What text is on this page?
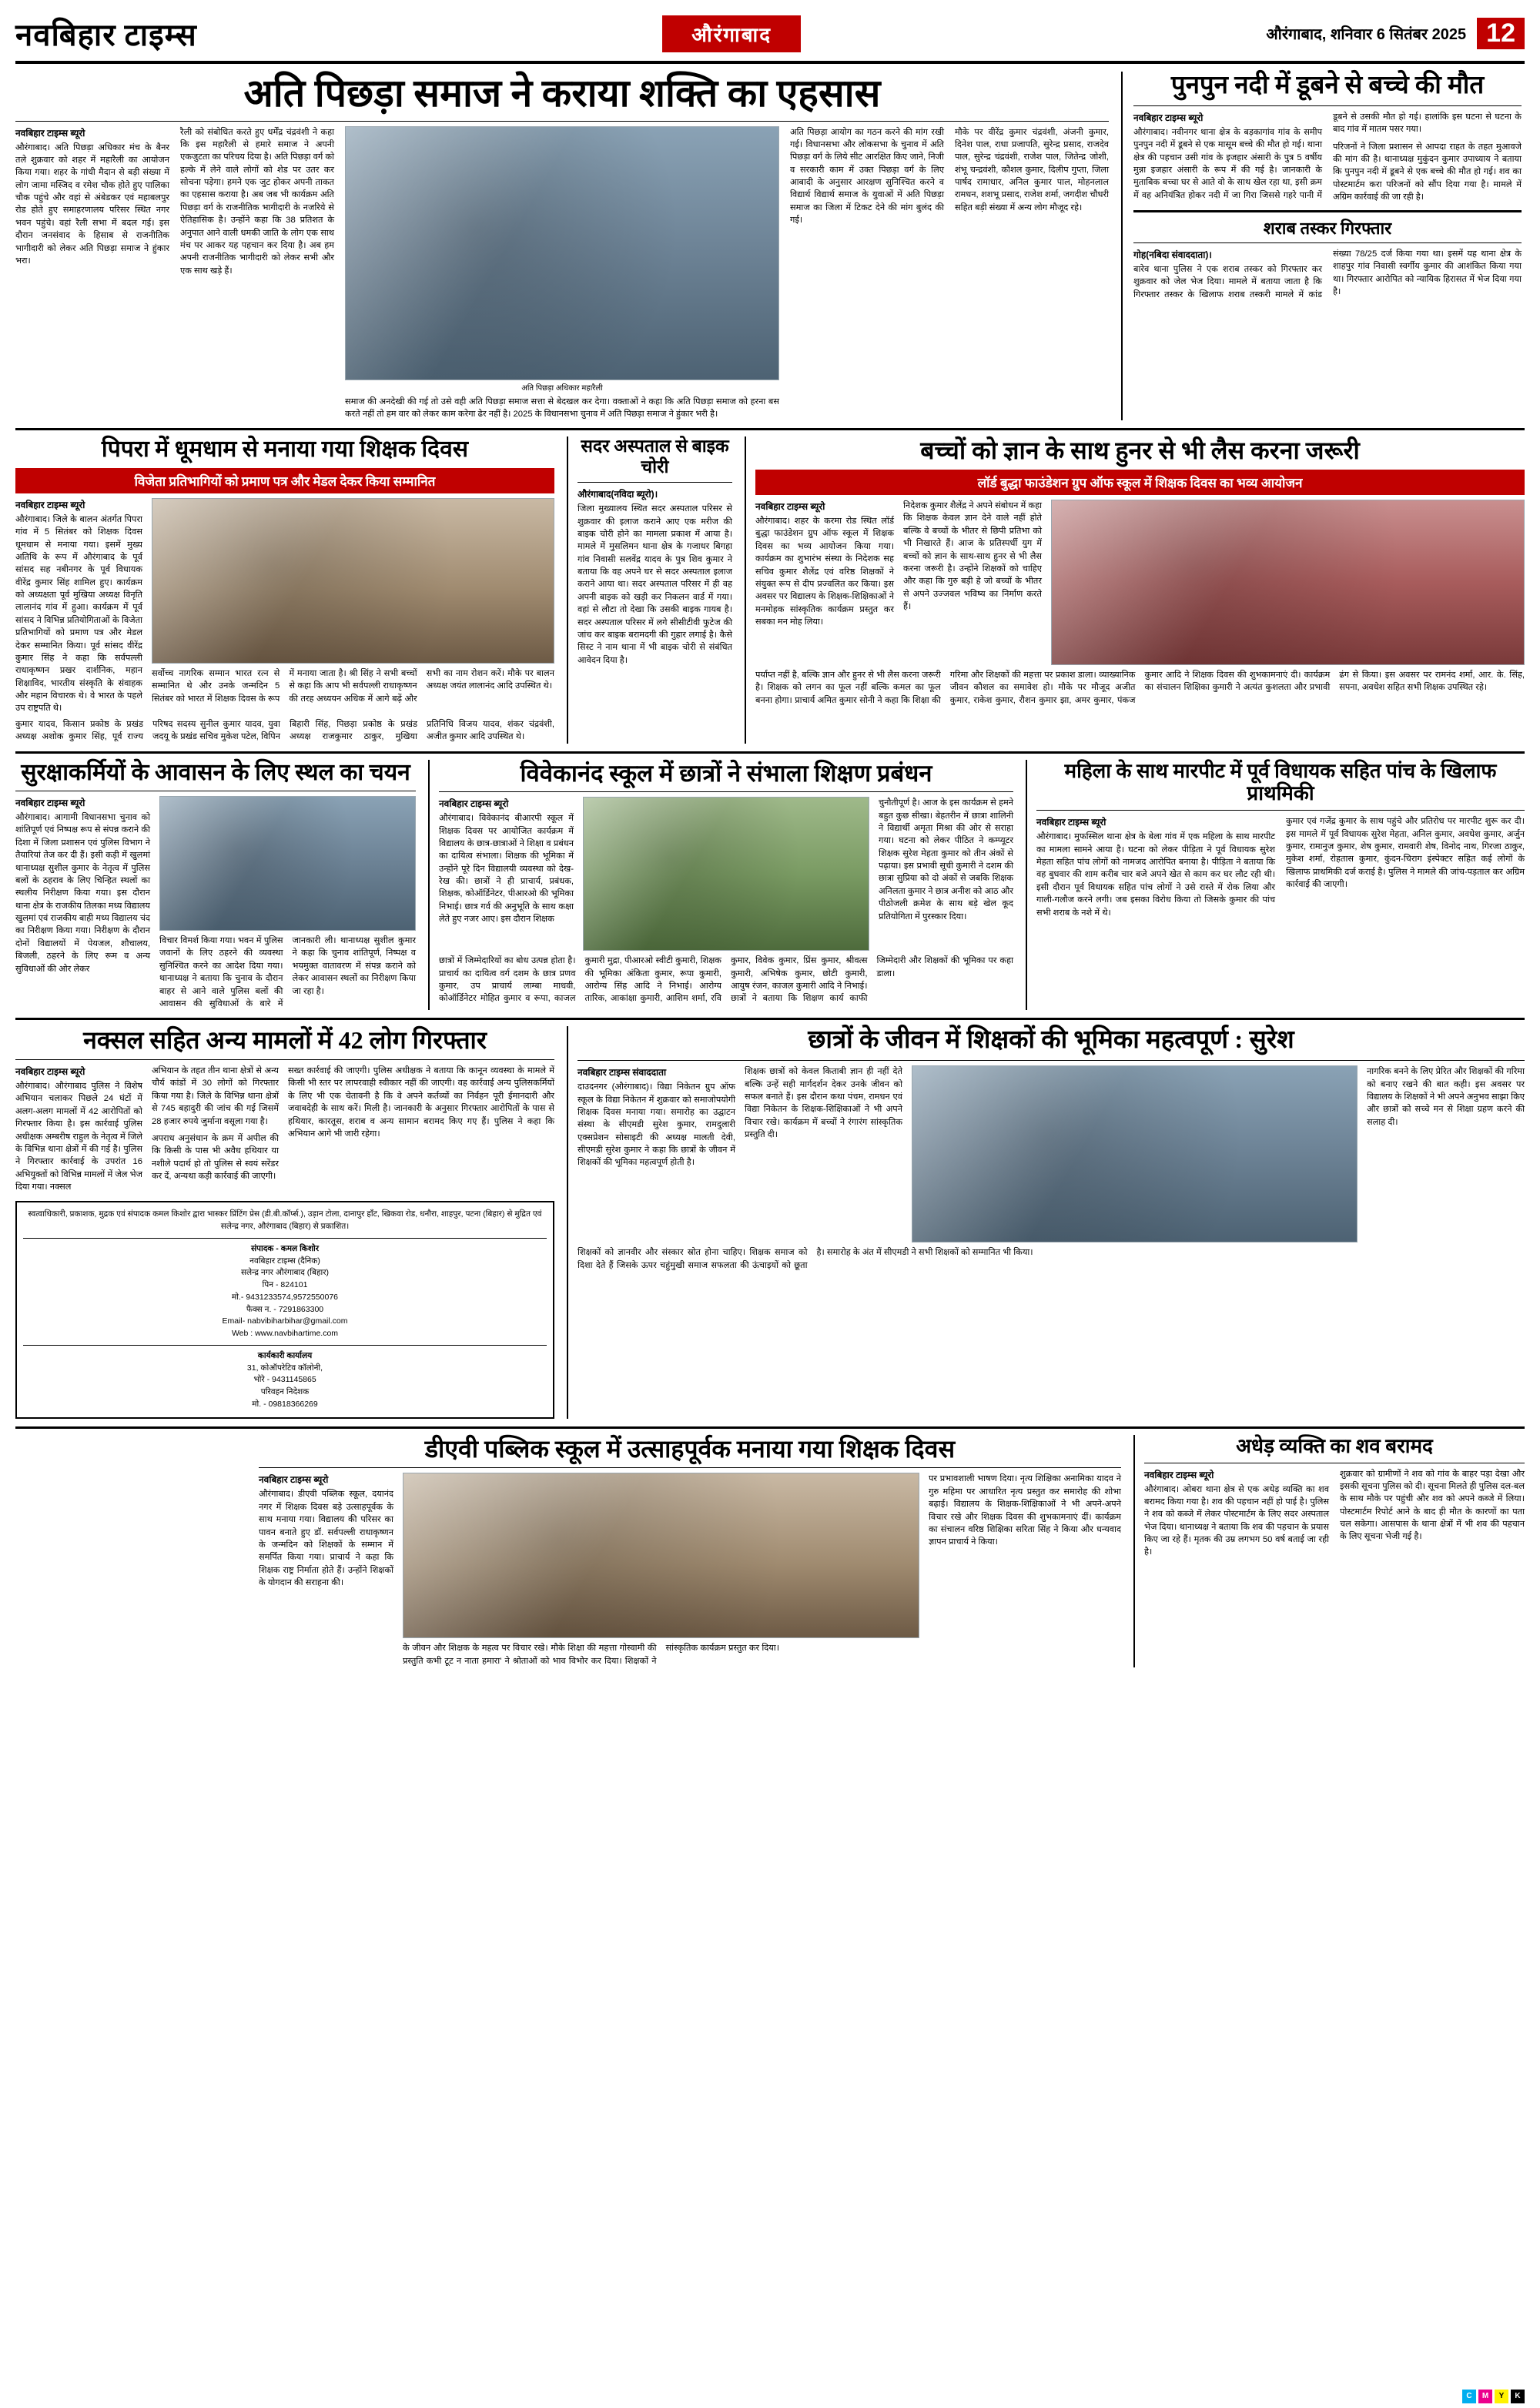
नवबिहार टाइम्स	औरंगाबाद	औरंगाबाद, शनिवार 6 सितंबर 2025 12
अति पिछड़ा समाज ने कराया शक्ति का एहसास
नवबिहार टाइम्स ब्यूरो
औरंगाबाद। अति पिछड़ा अधिकार मंच के बैनर तले शुक्रवार को शहर में महारैली का आयोजन किया गया। शहर के गांधी मैदान से बड़ी संख्या में लोग जामा मस्जिद व रमेश चौक होते हुए पालिका चौक पहुंचे और वहां से अंबेडकर एवं महाबलपुर रोड होते हुए समाहरणालय परिसर स्थित नगर भवन पहुंचे। वहां रैली सभा में बदल गई। इस दौरान जनसंवाद के हिसाब से राजनीतिक भागीदारी को लेकर अति पिछड़ा समाज ने हुंकार भरा।
रैली को संबोधित करते हुए धर्मेंद्र चंद्रवंशी ने कहा कि इस महारैली से हमारे समाज ने अपनी एकजुटता का परिचय दिया है। अति पिछड़ा वर्ग को हल्के में लेने वाले लोगों को शेड पर उतर कर सोचना पड़ेगा। हमने एक जुट होकर अपनी ताकत का एहसास कराया है। अब जब भी कार्यक्रम अति पिछड़ा वर्ग के राजनीतिक भागीदारी के नजरिये से ऐतिहासिक है। उन्होंने कहा कि 38 प्रतिशत के अनुपात आने वाली धमकी जाति के लोग एक साथ मंच पर आकर यह पहचान कर दिया है। अब हम अपनी राजनीतिक भागीदारी को लेकर सभी और एक साथ खड़े हैं।
अति पिछड़ा अधिकार महारैली
समाज की अनदेखी की गई तो उसे वही अति पिछड़ा समाज सत्ता से बेदखल कर देगा। वक्ताओं ने कहा कि अति पिछड़ा समाज को हरना बस करते नहीं तो हम वार को लेकर काम करेगा ढेर नहीं है। 2025 के विधानसभा चुनाव में अति पिछड़ा समाज ने हुंकार भरी है।
अति पिछड़ा आयोग का गठन करने की मांग रखी गई। विधानसभा और लोकसभा के चुनाव में अति पिछड़ा वर्ग के लिये सीट आरक्षित किए जाने, निजी व सरकारी काम में उक्त पिछड़ा वर्ग के लिए आबादी के अनुसार आरक्षण सुनिश्चित करने व विद्यार्थ विद्यार्थ समाज के युवाओं में अति पिछड़ा समाज का जिला में टिकट देने की मांग बुलंद की गई।
मौके पर वीरेंद्र कुमार चंद्रवंशी, अंजनी कुमार, दिनेश पाल, राधा प्रजापति, सुरेन्द्र प्रसाद, राजदेव पाल, सुरेन्द्र चंद्रवंशी, राजेश पाल, जितेन्द्र जोशी, शंभू चन्द्रवंशी, कौशल कुमार, दिलीप गुप्ता, जिला पार्षद रामाधार, अनिल कुमार पाल, मोहनलाल रामधन, शशभू प्रसाद, राजेश शर्मा, जगदीश चौधरी सहित बड़ी संख्या में अन्य लोग मौजूद रहे।
पुनपुन नदी में डूबने से बच्चे की मौत
नवबिहार टाइम्स ब्यूरो
औरंगाबाद। नवीनगर थाना क्षेत्र के बड़कागांव गांव के समीप पुनपुन नदी में डूबने से एक मासूम बच्चे की मौत हो गई। थाना क्षेत्र की पहचान उसी गांव के इजहार अंसारी के पुत्र 5 वर्षीय मुन्ना इजहार अंसारी के रूप में की गई है। जानकारी के मुताबिक बच्चा घर से आते वो के साथ खेल रहा था, इसी क्रम में वह अनियंत्रित होकर नदी में जा गिरा जिससे गहरे पानी में डूबने से उसकी मौत हो गई। हालांकि इस घटना से घटना के बाद गांव में मातम पसर गया।
परिजनों ने जिला प्रशासन से आपदा राहत के तहत मुआवजे की मांग की है। थानाध्यक्ष मुकुंदन कुमार उपाध्याय ने बताया कि पुनपुन नदी में डूबने से एक बच्चे की मौत हो गई। शव का पोस्टमार्टम करा परिजनों को सौंप दिया गया है। मामले में अग्रिम कार्रवाई की जा रही है।
शराब तस्कर गिरफ्तार
गोह(नबिदा संवाददाता)।
बारेव थाना पुलिस ने एक शराब तस्कर को गिरफ्तार कर शुक्रवार को जेल भेज दिया। मामले में बताया जाता है कि गिरफ्तार तस्कर के खिलाफ शराब तस्करी मामले में कांड संख्या 78/25 दर्ज किया गया था। इसमें यह थाना क्षेत्र के शाहपुर गांव निवासी स्वर्गीय कुमार की आशंकित किया गया था। गिरफ्तार आरोपित को न्यायिक हिरासत में भेज दिया गया है।
पिपरा में धूमधाम से मनाया गया शिक्षक दिवस
विजेता प्रतिभागियों को प्रमाण पत्र और मेडल देकर किया सम्मानित
नवबिहार टाइम्स ब्यूरो
औरंगाबाद। जिले के बालन अंतर्गत पिपरा गांव में 5 सितंबर को शिक्षक दिवस धूमधाम से मनाया गया। इसमें मुख्य अतिथि के रूप में औरंगाबाद के पूर्व सांसद सह नबीनगर के पूर्व विधायक वीरेंद्र कुमार सिंह शामिल हुए। कार्यक्रम को अध्यक्षता पूर्व मुखिया अध्यक्ष विनृति लालानंद गांव में हुआ। कार्यक्रम में पूर्व सांसद ने विभिन्न प्रतियोगिताओं के विजेता प्रतिभागियों को प्रमाण पत्र और मेडल देकर सम्मानित किया। पूर्व सांसद वीरेंद्र कुमार सिंह ने कहा कि सर्वपल्ली राधाकृष्णन प्रखर दार्शनिक, महान शिक्षाविद, भारतीय संस्कृति के संवाहक और महान विचारक थे। वे भारत के पहले उप राष्ट्रपति थे।
सर्वोच्च नागरिक सम्मान भारत रत्न से सम्मानित थे और उनके जन्मदिन 5 सितंबर को भारत में शिक्षक दिवस के रूप में मनाया जाता है। श्री सिंह ने सभी बच्चों से कहा कि आप भी सर्वपल्ली राधाकृष्णन की तरह अध्ययन अधिक में आगे बढ़ें और सभी का नाम रोशन करें। मौके पर बालन अध्यक्ष जयंत लालानंद आदि उपस्थित थे।
कुमार यादव, किसान प्रकोष्ठ के प्रखंड अध्यक्ष अशोक कुमार सिंह, पूर्व राज्य परिषद सदस्य सुनील कुमार यादव, युवा जदयू के प्रखंड सचिव मुकेश पटेल, विपिन बिहारी सिंह, पिछड़ा प्रकोष्ठ के प्रखंड अध्यक्ष राजकुमार ठाकुर, मुखिया प्रतिनिधि विजय यादव, शंकर चंद्रवंशी, अजीत कुमार आदि उपस्थित थे।
सदर अस्पताल से बाइक चोरी
औरंगाबाद(नविदा ब्यूरो)।
जिला मुख्यालय स्थित सदर अस्पताल परिसर से शुक्रवार की इलाज कराने आए एक मरीज की बाइक चोरी होने का मामला प्रकाश में आया है। मामले में मुसलिमन थाना क्षेत्र के गजाधर बिगहा गांव निवासी सलवेंद्र यादव के पुत्र शिव कुमार ने बताया कि वह अपने घर से सदर अस्पताल इलाज कराने आया था। सदर अस्पताल परिसर में ही वह अपनी बाइक को खड़ी कर निकलन वार्ड में गया। वहां से लौटा तो देखा कि उसकी बाइक गायब है। सदर अस्पताल परिसर में लगे सीसीटीवी फुटेज की जांच कर बाइक बरामदगी की गुहार लगाई है। कैसे सिस्ट ने नाम थाना में भी बाइक चोरी से संबंधित आवेदन दिया है।
बच्चों को ज्ञान के साथ हुनर से भी लैस करना जरूरी
लॉर्ड बुद्धा फाउंडेशन ग्रुप ऑफ स्कूल में शिक्षक दिवस का भव्य आयोजन
नवबिहार टाइम्स ब्यूरो
औरंगाबाद। शहर के करमा रोड स्थित लॉर्ड बुद्धा फाउंडेशन ग्रुप ऑफ स्कूल में शिक्षक दिवस का भव्य आयोजन किया गया। कार्यक्रम का शुभारंभ संस्था के निदेशक सह सचिव कुमार शैलेंद्र एवं वरिष्ठ शिक्षकों ने संयुक्त रूप से दीप प्रज्वलित कर किया। इस अवसर पर विद्यालय के शिक्षक-शिक्षिकाओं ने मनमोहक सांस्कृतिक कार्यक्रम प्रस्तुत कर सबका मन मोह लिया।
निदेशक कुमार शैलेंद्र ने अपने संबोधन में कहा कि शिक्षक केवल ज्ञान देने वाले नहीं होते बल्कि वे बच्चों के भीतर से छिपी प्रतिभा को भी निखारते हैं। आज के प्रतिस्पर्धी युग में बच्चों को ज्ञान के साथ-साथ हुनर से भी लैस करना जरूरी है। उन्होंने शिक्षकों को चाहिए और कहा कि गुरु बड़ी हे जो बच्चों के भीतर से अपने उज्जवल भविष्य का निर्माण करते हैं।
पर्याप्त नहीं है, बल्कि ज्ञान और हुनर से भी लैस करना जरूरी है। शिक्षक को लगन का फूल नहीं बल्कि कमल का फूल बनना होगा। प्राचार्य अमित कुमार सोनी ने कहा कि शिक्षा की गरिमा और शिक्षकों की महत्ता पर प्रकाश डाला। व्याख्यानिक जीवन कौशल का समावेश हो। मौके पर मौजूद अजीत कुमार, राकेश कुमार, रौशन कुमार झा, अमर कुमार, पंकज कुमार आदि ने शिक्षक दिवस की शुभकामनाएं दी। कार्यक्रम का संचालन शिक्षिका कुमारी ने अत्यंत कुशलता और प्रभावी ढंग से किया। इस अवसर पर रामनंद शर्मा, आर. के. सिंह, सपना, अवधेश सहित सभी शिक्षक उपस्थित रहे।
सुरक्षाकर्मियों के आवासन के लिए स्थल का चयन
नवबिहार टाइम्स ब्यूरो
औरंगाबाद। आगामी विधानसभा चुनाव को शांतिपूर्ण एवं निष्पक्ष रूप से संपन्न कराने की दिशा में जिला प्रशासन एवं पुलिस विभाग ने तैयारियां तेज कर दी हैं। इसी कड़ी में खुलमां थानाध्यक्ष सुशील कुमार के नेतृत्व में पुलिस बलों के ठहराव के लिए चिन्हित स्थलों का स्थलीय निरीक्षण किया गया। इस दौरान थाना क्षेत्र के राजकीय तिलका मध्य विद्यालय खुलमां एवं राजकीय बाही मध्य विद्यालय चंद का निरीक्षण किया गया। निरीक्षण के दौरान दोनों विद्यालयों में पेयजल, शौचालय, बिजली, ठहरने के लिए रूम व अन्य सुविधाओं की ओर लेकर
विचार विमर्श किया गया। भवन में पुलिस जवानों के लिए ठहरने की व्यवस्था सुनिश्चित करने का आदेश दिया गया। थानाध्यक्ष ने बताया कि चुनाव के दौरान बाहर से आने वाले पुलिस बलों की आवासन की सुविधाओं के बारे में जानकारी ली। थानाध्यक्ष सुशील कुमार ने कहा कि चुनाव शांतिपूर्ण, निष्पक्ष व भयमुक्त वातावरण में संपन्न कराने को लेकर आवासन स्थलों का निरीक्षण किया जा रहा है।
विवेकानंद स्कूल में छात्रों ने संभाला शिक्षण प्रबंधन
नवबिहार टाइम्स ब्यूरो
औरंगाबाद। विवेकानंद बीआरपी स्कूल में शिक्षक दिवस पर आयोजित कार्यक्रम में विद्यालय के छात्र-छात्राओं ने शिक्षा व प्रबंधन का दायित्व संभाला। शिक्षक की भूमिका में उन्होंने पूरे दिन विद्यालयी व्यवस्था को देख-रेख की। छात्रों ने ही प्राचार्य, प्रबंधक, शिक्षक, कोऑर्डिनेटर, पीआरओ की भूमिका निभाई। छात्र गर्व की अनुभूति के साथ कक्षा लेते हुए नजर आए। इस दौरान शिक्षक
चुनौतीपूर्ण है। आज के इस कार्यक्रम से हमने बहुत कुछ सीखा। बेहतरीन में छात्रा शालिनी ने विद्यार्थी अमृता मिश्रा की ओर से सराहा गया। घटना को लेकर पीठित ने कम्प्यूटर शिक्षक सुरेश मेहता कुमार को तीन अंकों से पढ़ाया। इस प्रभावी सूची कुमारी ने दशम की छात्रा सुप्रिया को दो अंकों से जबकि शिक्षक अनिलता कुमार ने छात्र अनीश को आठ और पीठोजली क्रमेश के साथ बड़े खेल कूद प्रतियोगिता में पुरस्कार दिया।
छात्रों में जिम्मेदारियों का बोध उत्पन्न होता है। प्राचार्य का दायित्व वर्ग दशम के छात्र प्रणव कुमार, उप प्राचार्य लाम्बा माधवी, कोऑर्डिनेटर मोहित कुमार व रूपा, काजल कुमारी मुद्रा, पीआरओ स्वीटी कुमारी, शिक्षक की भूमिका अंकिता कुमार, रूपा कुमारी, आरोग्य सिंह आदि ने निभाई। आरोग्य तारिक, आकांक्षा कुमारी, आशिम शर्मा, रवि कुमार, विवेक कुमार, प्रिंस कुमार, श्रीवत्स कुमारी, अभिषेक कुमार, छोटी कुमारी, आयुष रंजन, काजल कुमारी आदि ने निभाई। छात्रों ने बताया कि शिक्षण कार्य काफी जिम्मेदारी और शिक्षकों की भूमिका पर कहा डाला।
महिला के साथ मारपीट में पूर्व विधायक सहित पांच के खिलाफ प्राथमिकी
नवबिहार टाइम्स ब्यूरो
औरंगाबाद। मुफस्सिल थाना क्षेत्र के बेला गांव में एक महिला के साथ मारपीट का मामला सामने आया है। घटना को लेकर पीड़िता ने पूर्व विधायक सुरेश मेहता सहित पांच लोगों को नामजद आरोपित बनाया है। पीड़िता ने बताया कि वह बुधवार की शाम करीब चार बजे अपने खेत से काम कर घर लौट रही थी। इसी दौरान पूर्व विधायक सहित पांच लोगों ने उसे रास्ते में रोक लिया और गाली-गलौज करने लगी। जब इसका विरोध किया तो जिसके कुमार की पांच सभी शराब के नशे में थे।
कुमार एवं गजेंद्र कुमार के साथ पहुंचे और प्रतिरोध पर मारपीट शुरू कर दी। इस मामले में पूर्व विधायक सुरेश मेहता, अनिल कुमार, अवधेश कुमार, अर्जुन कुमार, रामानुज कुमार, शेष कुमार, रामवारी शेष, विनोद नाथ, गिरजा ठाकुर, मुकेश शर्मा, रोहतास कुमार, कुंदन-चिराग इंस्पेक्टर सहित कई लोगों के खिलाफ प्राथमिकी दर्ज कराई है। पुलिस ने मामले की जांच-पड़ताल कर अग्रिम कार्रवाई की जाएगी।
नक्सल सहित अन्य मामलों में 42 लोग गिरफ्तार
नवबिहार टाइम्स ब्यूरो
औरंगाबाद। औरंगाबाद पुलिस ने विशेष अभियान चलाकर पिछले 24 घंटों में अलग-अलग मामलों में 42 आरोपितों को गिरफ्तार किया है। इस कार्रवाई पुलिस अधीक्षक अम्बरीष राहुल के नेतृत्व में जिले के विभिन्न थाना क्षेत्रों में की गई है। पुलिस ने गिरफ्तार कार्रवाई के उपरांत 16 अभियुक्तों को विभिन्न मामलों में जेल भेज दिया गया। नक्सल
अभियान के तहत तीन थाना क्षेत्रों से अन्य चौर्य कांडों में 30 लोगों को गिरफ्तार किया गया है। जिले के विभिन्न थाना क्षेत्रों से 745 बहादुरी की जांच की गई जिसमें 28 हजार रुपये जुर्माना वसूला गया है।
अपराध अनुसंधान के क्रम में अपील की कि किसी के पास भी अवैध हथियार या नशीले पदार्थ हो तो पुलिस से स्वयं सरेंडर कर दें, अन्यथा कड़ी कार्रवाई की जाएगी।
सख्त कार्रवाई की जाएगी। पुलिस अधीक्षक ने बताया कि कानून व्यवस्था के मामले में किसी भी स्तर पर लापरवाही स्वीकार नहीं की जाएगी। वह कार्रवाई अन्य पुलिसकर्मियों के लिए भी एक चेतावनी है कि वे अपने कर्तव्यों का निर्वहन पूरी ईमानदारी और जवाबदेही के साथ करें। मिली है। जानकारी के अनुसार गिरफ्तार आरोपितों के पास से हथियार, कारतूस, शराब व अन्य सामान बरामद किए गए हैं। पुलिस ने कहा कि अभियान आगे भी जारी रहेगा।
स्वत्वाधिकारी, प्रकाशक, मुद्रक एवं संपादक कमल किशोर द्वारा भास्कर प्रिंटिंग प्रेस (डी.बी.कॉर्प्स.), उड़ान टोला, दानापुर हाँट, खिकवा रोड, धनौरा, शाहपुर, पटना (बिहार) से मुद्रित एवं सलेन्द्र नगर, औरंगाबाद (बिहार) से प्रकाशित।
संपादक - कमल किशोर
नवबिहार टाइम्स (दैनिक)
सलेन्द्र नगर औरंगाबाद (बिहार)
पिन - 824101
मो.- 9431233574,9572550076
फैक्स न. - 7291863300
Email- nabvibiharbihar@gmail.com
Web : www.navbihartime.com
कार्यकारी कार्यालय
31, कोऑपरेटिव कॉलोनी,
भोरे - 9431145865
परिवहन निदेशक
मो. - 09818366269
छात्रों के जीवन में शिक्षकों की भूमिका महत्वपूर्ण : सुरेश
नवबिहार टाइम्स संवाददाता
दाउदनगर (औरंगाबाद)। विद्या निकेतन ग्रुप ऑफ स्कूल के विद्या निकेतन में शुक्रवार को समाजोपयोगी शिक्षक दिवस मनाया गया। समारोह का उद्घाटन संस्था के सीएमडी सुरेश कुमार, रामदुलारी एक्सप्रेशन सोसाइटी की अध्यक्ष मालती देवी, सीएमडी सुरेश कुमार ने कहा कि छात्रों के जीवन में शिक्षकों की भूमिका महत्वपूर्ण होती है।
शिक्षक छात्रों को केवल किताबी ज्ञान ही नहीं देते बल्कि उन्हें सही मार्गदर्शन देकर उनके जीवन को सफल बनाते हैं। इस दौरान कथा पंचम, रामधन एवं विद्या निकेतन के शिक्षक-शिक्षिकाओं ने भी अपने विचार रखे। कार्यक्रम में बच्चों ने रंगारंग सांस्कृतिक प्रस्तुति दी।
नागरिक बनने के लिए प्रेरित और शिक्षकों की गरिमा को बनाए रखने की बात कही। इस अवसर पर विद्यालय के शिक्षकों ने भी अपने अनुभव साझा किए और छात्रों को सच्चे मन से शिक्षा ग्रहण करने की सलाह दी।
शिक्षकों को ज्ञानवीर और संस्कार स्रोत होना चाहिए। शिक्षक समाज को दिशा देते हैं जिसके ऊपर चहुंमुखी समाज सफलता की ऊंचाइयों को छूता है। समारोह के अंत में सीएमडी ने सभी शिक्षकों को सम्मानित भी किया।
डीएवी पब्लिक स्कूल में उत्साहपूर्वक मनाया गया शिक्षक दिवस
नवबिहार टाइम्स ब्यूरो
औरंगाबाद। डीएवी पब्लिक स्कूल, दयानंद नगर में शिक्षक दिवस बड़े उत्साहपूर्वक के साथ मनाया गया। विद्यालय की परिसर का पावन बनाते हुए डॉ. सर्वपल्ली राधाकृष्णन के जन्मदिन को शिक्षकों के सम्मान में समर्पित किया गया। प्राचार्य ने कहा कि शिक्षक राष्ट्र निर्माता होते हैं। उन्होंने शिक्षकों के योगदान की सराहना की।
के जीवन और शिक्षक के महत्व पर विचार रखे। मौके शिक्षा की महत्ता गोस्वामी की प्रस्तुति कभी टूट न नाता हमारा' ने श्रोताओं को भाव विभोर कर दिया। शिक्षकों ने सांस्कृतिक कार्यक्रम प्रस्तुत कर दिया।
पर प्रभावशाली भाषण दिया। नृत्य शिक्षिका अनामिका यादव ने गुरु महिमा पर आधारित नृत्य प्रस्तुत कर समारोह की शोभा बढ़ाई। विद्यालय के शिक्षक-शिक्षिकाओं ने भी अपने-अपने विचार रखे और शिक्षक दिवस की शुभकामनाएं दीं। कार्यक्रम का संचालन वरिष्ठ शिक्षिका सरिता सिंह ने किया और धन्यवाद ज्ञापन प्राचार्य ने किया।
अधेड़ व्यक्ति का शव बरामद
नवबिहार टाइम्स ब्यूरो
औरंगाबाद। ओबरा थाना क्षेत्र से एक अधेड़ व्यक्ति का शव बरामद किया गया है। शव की पहचान नहीं हो पाई है। पुलिस ने शव को कब्जे में लेकर पोस्टमार्टम के लिए सदर अस्पताल भेज दिया। थानाध्यक्ष ने बताया कि शव की पहचान के प्रयास किए जा रहे हैं। मृतक की उम्र लगभग 50 वर्ष बताई जा रही है।
शुक्रवार को ग्रामीणों ने शव को गांव के बाहर पड़ा देखा और इसकी सूचना पुलिस को दी। सूचना मिलते ही पुलिस दल-बल के साथ मौके पर पहुंची और शव को अपने कब्जे में लिया। पोस्टमार्टम रिपोर्ट आने के बाद ही मौत के कारणों का पता चल सकेगा। आसपास के थाना क्षेत्रों में भी शव की पहचान के लिए सूचना भेजी गई है।
C	M	Y	K
